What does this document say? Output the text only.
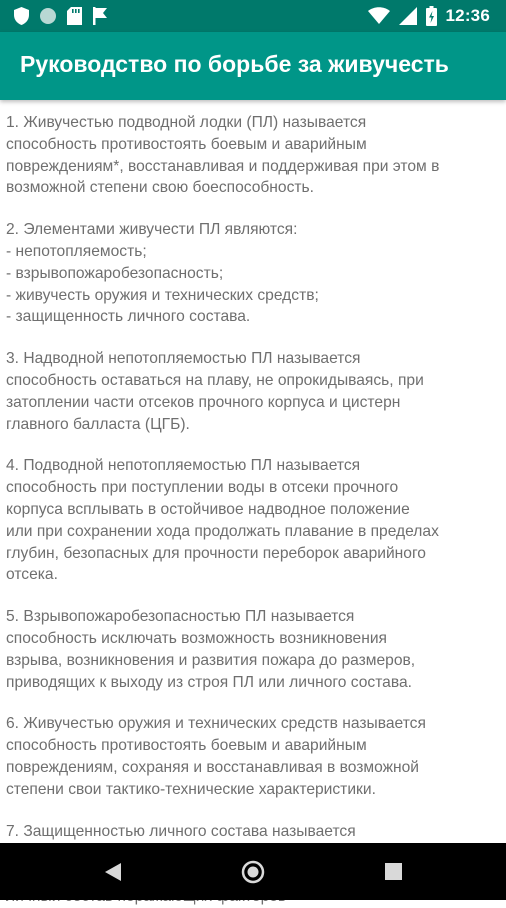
12:36
Руководство по борьбе за живучесть

1. Живучестью подводной лодки (ПЛ) называется
способность противостоять боевым и аварийным
повреждениям*, восстанавливая и поддерживая при этом в
возможной степени свою боеспособность.

2. Элементами живучести ПЛ являются:
- непотопляемость;
- взрывопожаробезопасность;
- живучесть оружия и технических средств;
- защищенность личного состава.

3. Надводной непотопляемостью ПЛ называется
способность оставаться на плаву, не опрокидываясь, при
затоплении части отсеков прочного корпуса и цистерн
главного балласта (ЦГБ).

4. Подводной непотопляемостью ПЛ называется
способность при поступлении воды в отсеки прочного
корпуса всплывать в остойчивое надводное положение
или при сохранении хода продолжать плавание в пределах
глубин, безопасных для прочности переборок аварийного
отсека.

5. Взрывопожаробезопасностью ПЛ называется
способность исключать возможность возникновения
взрыва, возникновения и развития пожара до размеров,
приводящих к выходу из строя ПЛ или личного состава.

6. Живучестью оружия и технических средств называется
способность противостоять боевым и аварийным
повреждениям, сохраняя и восстанавливая в возможной
степени свои тактико-технические характеристики.

7. Защищенностью личного состава называется
